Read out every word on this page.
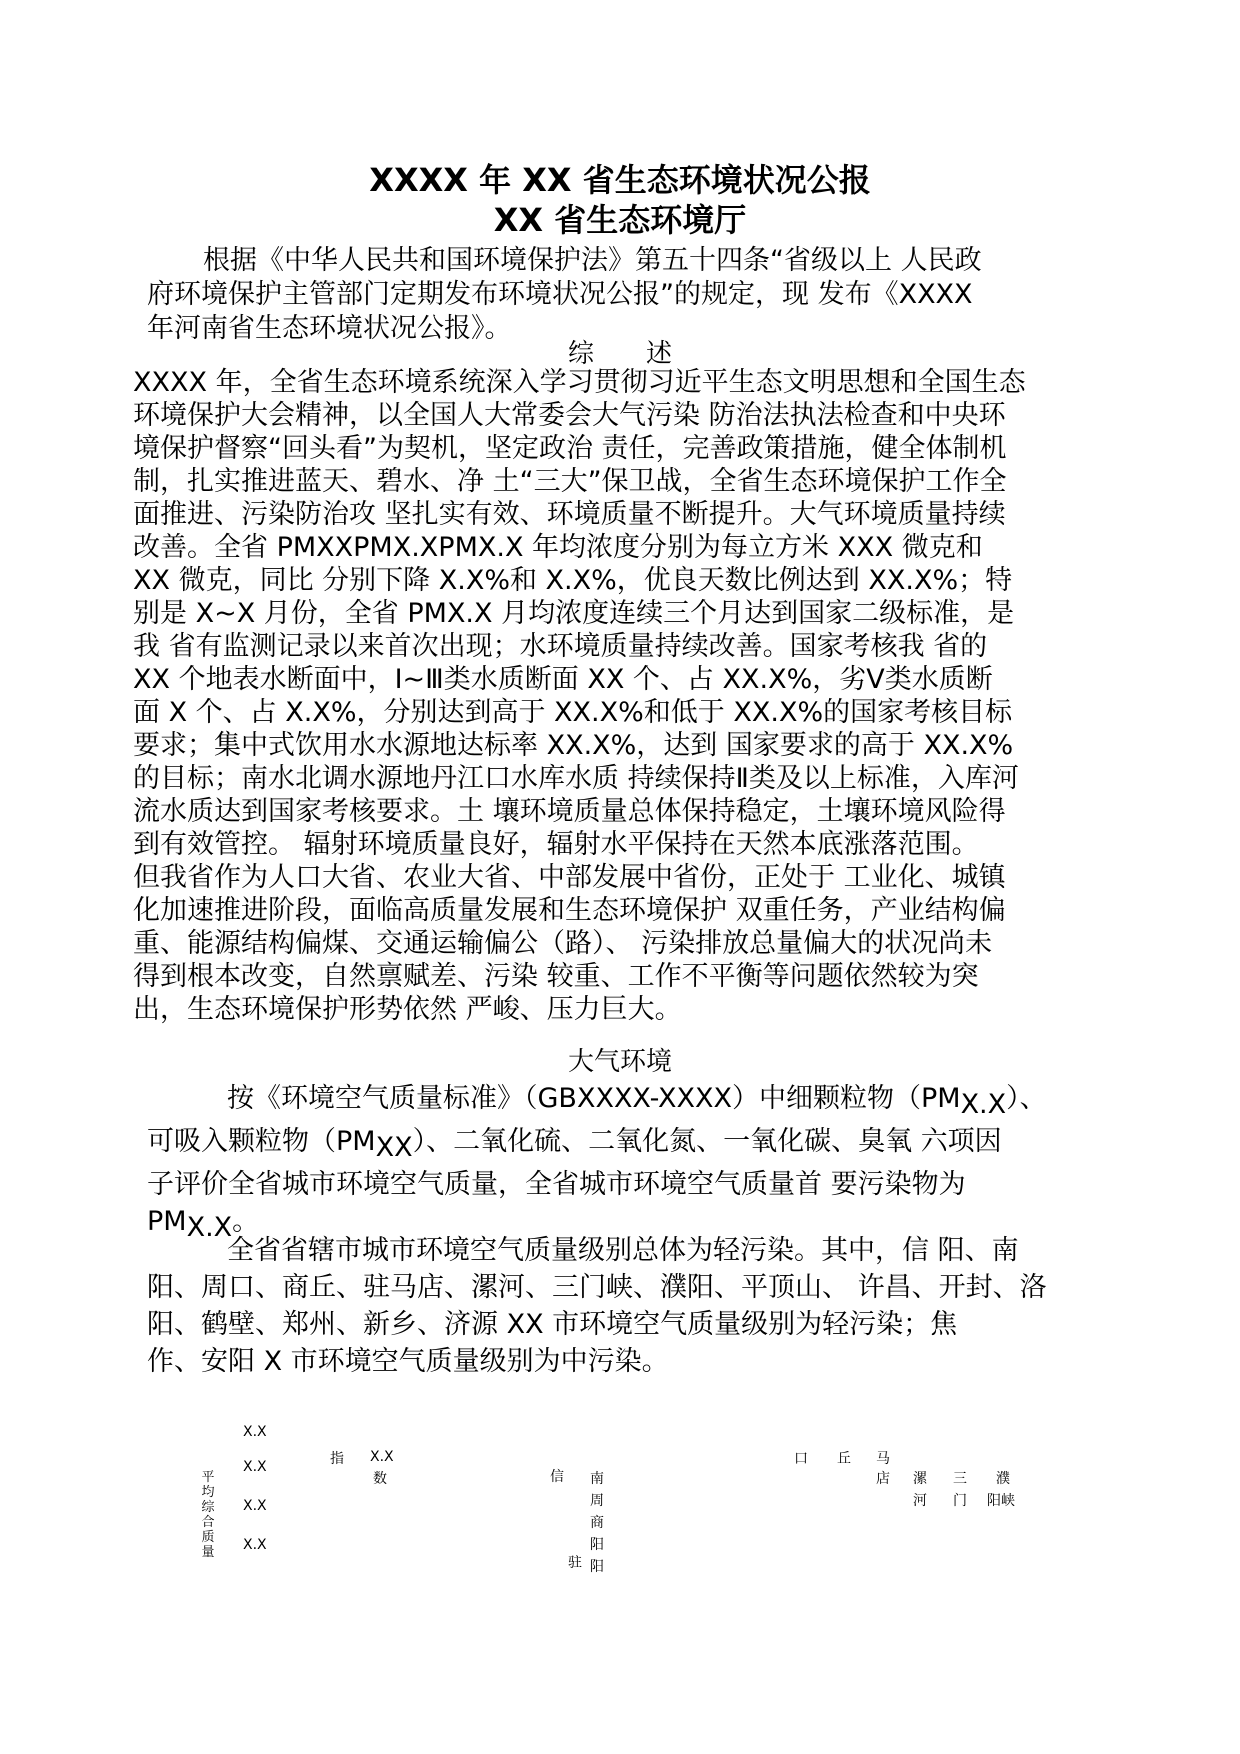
XXXX 年 XX 省生态环境状况公报
XX 省生态环境厅
根据《中华人民共和国环境保护法》第五十四条“省级以上 人民政
府环境保护主管部门定期发布环境状况公报”的规定，现 发布《XXXX
年河南省生态环境状况公报》。
综　　述
XXXX 年，全省生态环境系统深入学习贯彻习近平生态文明思想和全国生态
环境保护大会精神，以全国人大常委会大气污染 防治法执法检查和中央环
境保护督察“回头看”为契机，坚定政治 责任，完善政策措施，健全体制机
制，扎实推进蓝天、碧水、净 土“三大”保卫战，全省生态环境保护工作全
面推进、污染防治攻 坚扎实有效、环境质量不断提升。大气环境质量持续
改善。全省 PMXXPMX.XPMX.X 年均浓度分别为每立方米 XXX 微克和
XX 微克，同比 分别下降 X.X%和 X.X%，优良天数比例达到 XX.X%；特
别是 X~X 月份，全省 PMX.X 月均浓度连续三个月达到国家二级标准，是
我 省有监测记录以来首次出现；水环境质量持续改善。国家考核我 省的
XX 个地表水断面中，Ⅰ~Ⅲ类水质断面 XX 个、占 XX.X%，劣Ⅴ类水质断
面 X 个、占 X.X%，分别达到高于 XX.X%和低于 XX.X%的国家考核目标
要求；集中式饮用水水源地达标率 XX.X%，达到 国家要求的高于 XX.X%
的目标；南水北调水源地丹江口水库水质 持续保持Ⅱ类及以上标准，入库河
流水质达到国家考核要求。土 壤环境质量总体保持稳定，土壤环境风险得
到有效管控。 辐射环境质量良好，辐射水平保持在天然本底涨落范围。
但我省作为人口大省、农业大省、中部发展中省份，正处于 工业化、城镇
化加速推进阶段，面临高质量发展和生态环境保护 双重任务，产业结构偏
重、能源结构偏煤、交通运输偏公（路）、 污染排放总量偏大的状况尚未
得到根本改变，自然禀赋差、污染 较重、工作不平衡等问题依然较为突
出，生态环境保护形势依然 严峻、压力巨大。
大气环境
按《环境空气质量标准》（GBXXXX-XXXX）中细颗粒物（PMX.X）、
可吸入颗粒物（PMXX）、二氧化硫、二氧化氮、一氧化碳、臭氧 六项因
子评价全省城市环境空气质量，全省城市环境空气质量首 要污染物为
PMX.X。
全省省辖市城市环境空气质量级别总体为轻污染。其中，信 阳、南
阳、周口、商丘、驻马店、漯河、三门峡、濮阳、平顶山、 许昌、开封、洛
阳、鹤壁、郑州、新乡、济源 XX 市环境空气质量级别为轻污染；焦
作、安阳 X 市环境空气质量级别为中污染。
平均综合质量
X.X
X.X
X.X
X.X
指 X.X
数	信
驻
南周商阳阳
口 丘 马
店 漯
河
三
门
濮
阳峡
